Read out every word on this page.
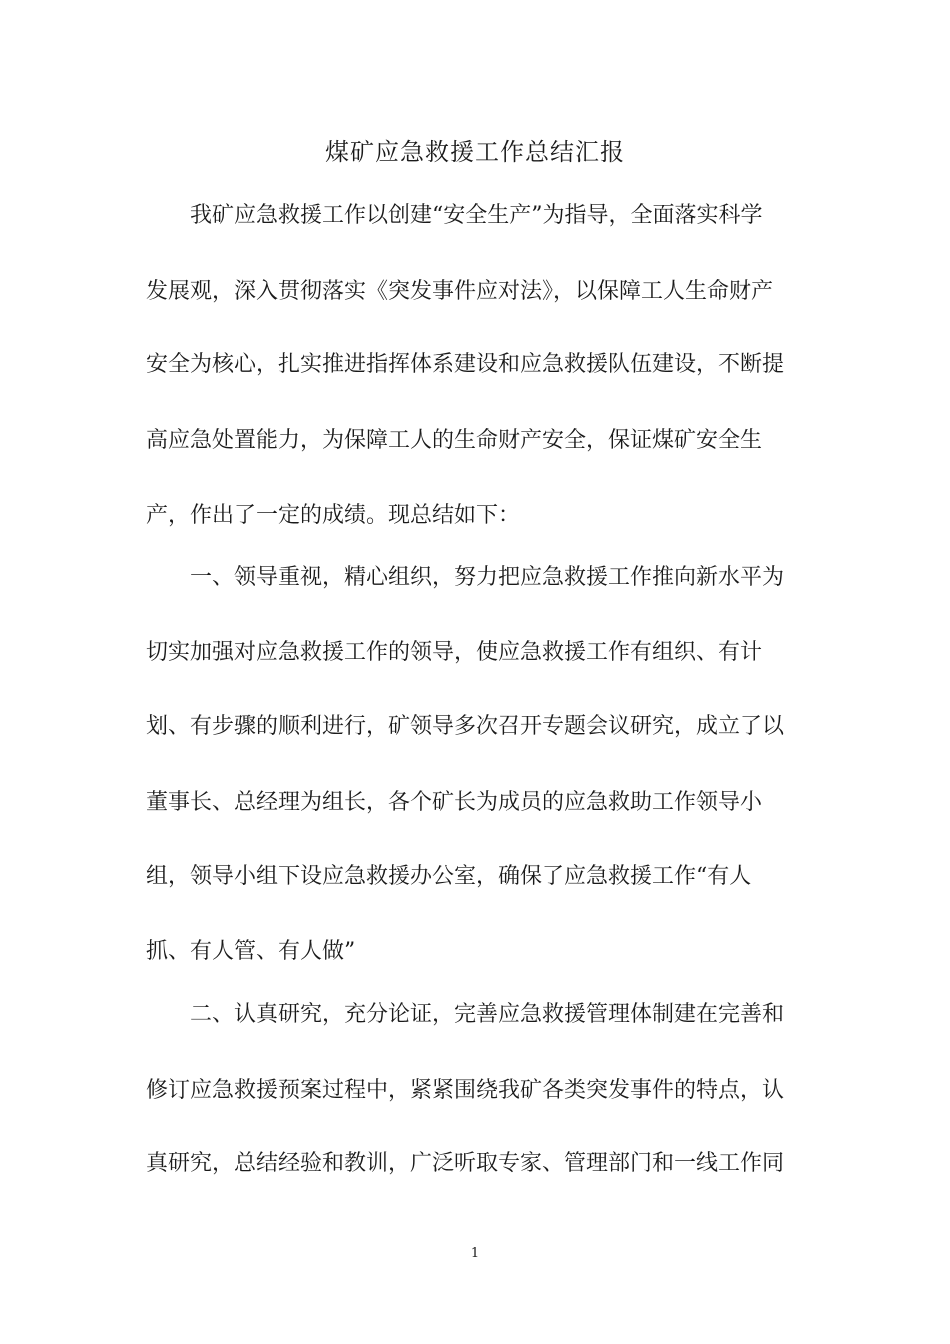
煤矿应急救援工作总结汇报
我矿应急救援工作以创建“安全生产”为指导，全面落实科学
发展观，深入贯彻落实《突发事件应对法》，以保障工人生命财产
安全为核心，扎实推进指挥体系建设和应急救援队伍建设，不断提
高应急处置能力，为保障工人的生命财产安全，保证煤矿安全生
产，作出了一定的成绩。现总结如下：
一、领导重视，精心组织，努力把应急救援工作推向新水平为
切实加强对应急救援工作的领导，使应急救援工作有组织、有计
划、有步骤的顺利进行，矿领导多次召开专题会议研究，成立了以
董事长、总经理为组长，各个矿长为成员的应急救助工作领导小
组，领导小组下设应急救援办公室，确保了应急救援工作“有人
抓、有人管、有人做”
二、认真研究，充分论证，完善应急救援管理体制建在完善和
修订应急救援预案过程中，紧紧围绕我矿各类突发事件的特点，认
真研究，总结经验和教训，广泛听取专家、管理部门和一线工作同
1
